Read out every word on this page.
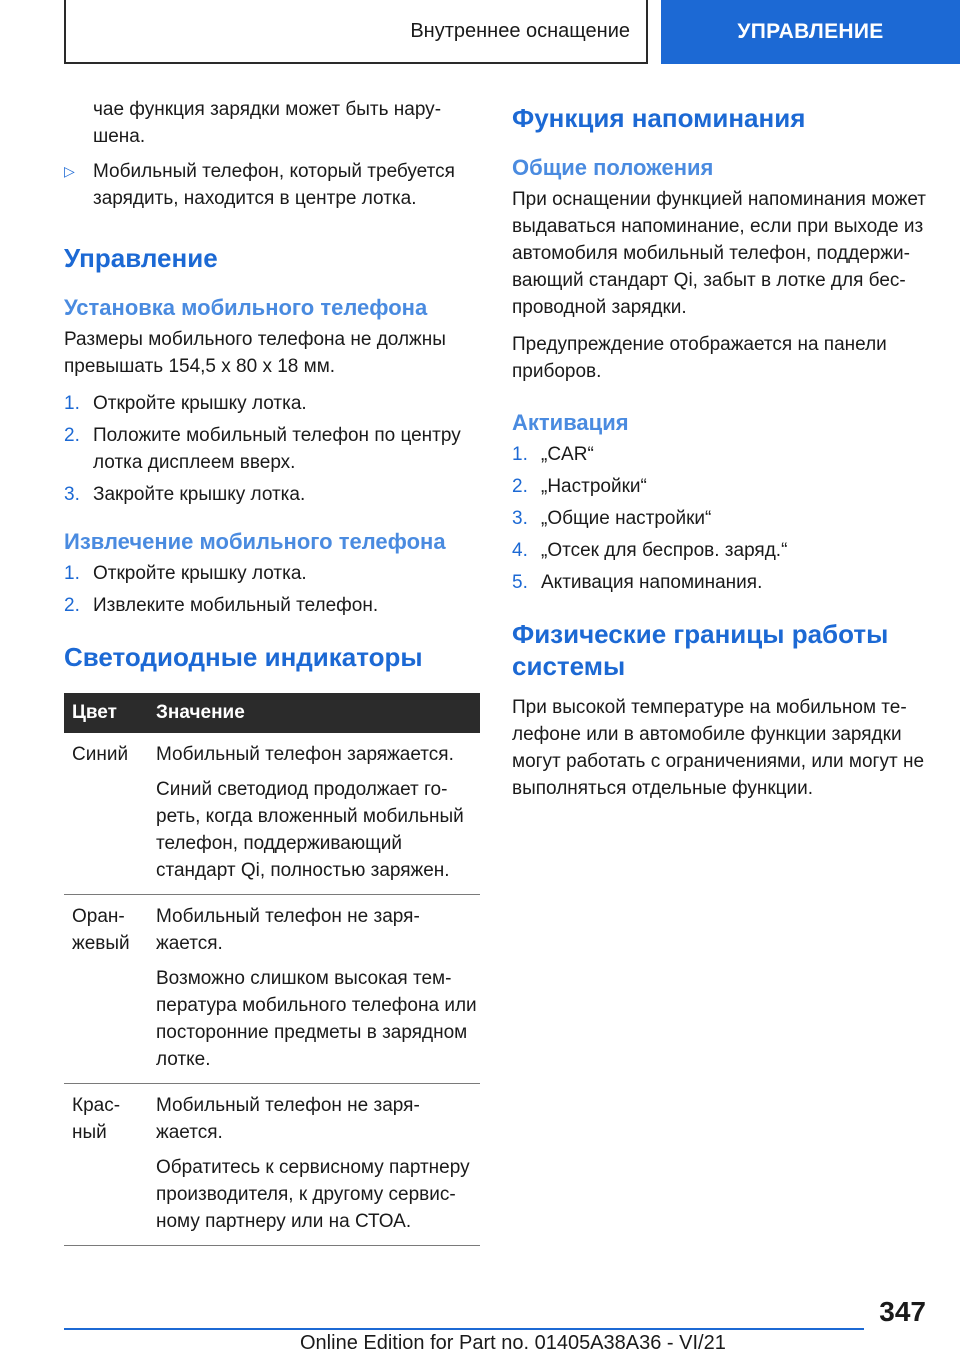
Внутреннее оснащение	УПРАВЛЕНИЕ

чае функция зарядки может быть нарушена.

▷ Мобильный телефон, который требуется зарядить, находится в центре лотка.
Управление
Установка мобильного телефона

Размеры мобильного телефона не должны превышать 154,5 x 80 x 18 мм.

1. Откройте крышку лотка.
2. Положите мобильный телефон по центру лотка дисплеем вверх.
3. Закройте крышку лотка.
Извлечение мобильного телефона
1. Откройте крышку лотка.
2. Извлеките мобильный телефон.
Светодиодные индикаторы
Цвет	Значение
Синий	Мобильный телефон заряжается.

Синий светодиод продолжает гореть, когда вложенный мобильный телефон, поддерживающий стандарт Qi, полностью заряжен.

Оранжевый	Мобильный телефон не заряжается.

Возможно слишком высокая температура мобильного телефона или посторонние предметы в зарядном лотке.

Красный	Мобильный телефон не заряжается.

Обратитесь к сервисному партнеру производителя, к другому сервисному партнеру или на СТОА.

Функция напоминания
Общие положения

При оснащении функцией напоминания может выдаваться напоминание, если при выходе из автомобиля мобильный телефон, поддерживающий стандарт Qi, забыт в лотке для беспроводной зарядки.

Предупреждение отображается на панели приборов.

Активация
1. „CAR“
2. „Настройки“
3. „Общие настройки“
4. „Отсек для беспров. заряд.“
5. Активация напоминания.
Физические границы работы системы

При высокой температуре на мобильном телефоне или в автомобиле функции зарядки могут работать с ограничениями, или могут не выполняться отдельные функции.

347
Online Edition for Part no. 01405A38A36 - VI/21
